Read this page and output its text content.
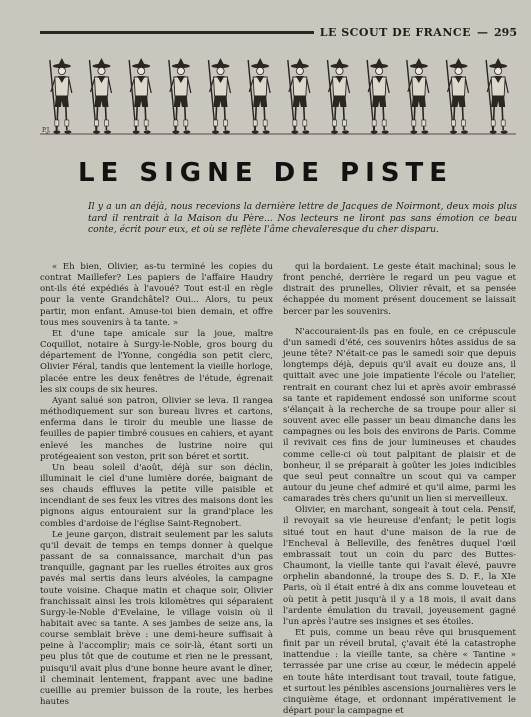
LE SCOUT DE FRANCE — 295
P.J.
LE SIGNE DE PISTE
Il y a un an déjà, nous recevions la dernière lettre de Jacques de Noirmont, deux mois plus tard il rentrait à la Maison du Père... Nos lecteurs ne liront pas sans émotion ce beau conte, écrit pour eux, et où se reflète l'âme chevaleresque du cher disparu.

« Eh bien, Olivier, as-tu terminé les copies du contrat Maillefer? Les papiers de l'affaire Haudry ont-ils été expédiés à l'avoué? Tout est-il en règle pour la vente Grandchâtel? Oui... Alors, tu peux partir, mon enfant. Amuse-toi bien demain, et offre tous mes souvenirs à ta tante. »

Et d'une tape amicale sur la joue, maître Coquillot, notaire à Surgy-le-Noble, gros bourg du département de l'Yonne, congédia son petit clerc, Olivier Féral, tandis que lentement la vieille horloge, placée entre les deux fenêtres de l'étude, égrenait les six coups de six heures.

Ayant salué son patron, Olivier se leva. Il rangea méthodiquement sur son bureau livres et cartons, enferma dans le tiroir du meuble une liasse de feuilles de papier timbré cousues en cahiers, et ayant enlevé les manches de lustrine noire qui protégeaient son veston, prit son béret et sortit.

Un beau soleil d'août, déjà sur son déclin, illuminait le ciel d'une lumière dorée, baignant de ses chauds effluves la petite ville paisible et incendiant de ses feux les vitres des maisons dont les pignons aigus entouraient sur la grand'place les combles d'ardoise de l'église Saint-Regnobert.

Le jeune garçon, distrait seulement par les saluts qu'il devait de temps en temps donner à quelque passant de sa connaissance, marchait d'un pas tranquille, gagnant par les ruelles étroites aux gros pavés mal sertis dans leurs alvéoles, la campagne toute voisine. Chaque matin et chaque soir, Olivier franchissait ainsi les trois kilomètres qui séparaient Surgy-le-Noble d'Evelaine, le village voisin où il habitait avec sa tante. A ses jambes de seize ans, la course semblait brève : une demi-heure suffisait à peine à l'accomplir; mais ce soir-là, étant sorti un peu plus tôt que de coutume et rien ne le pressant, puisqu'il avait plus d'une bonne heure avant le dîner, il cheminait lentement, frappant avec une badine cueillie au premier buisson de la route, les herbes hautes

qui la bordaient. Le geste était machinal; sous le front penché, derrière le regard un peu vague et distrait des prunelles, Olivier rêvait, et sa pensée échappée du moment présent doucement se laissait bercer par les souvenirs.

N'accouraient-ils pas en foule, en ce crépuscule d'un samedi d'été, ces souvenirs hôtes assidus de sa jeune tête? N'était-ce pas le samedi soir que depuis longtemps déjà, depuis qu'il avait eu douze ans, il quittait avec une joie impatiente l'école ou l'atelier, rentrait en courant chez lui et après avoir embrassé sa tante et rapidement endossé son uniforme scout s'élançait à la recherche de sa troupe pour aller si souvent avec elle passer un beau dimanche dans les campagnes ou les bois des environs de Paris. Comme il revivait ces fins de jour lumineuses et chaudes comme celle-ci où tout palpitant de plaisir et de bonheur, il se préparait à goûter les joies indicibles que seul peut connaître un scout qui va camper autour du jeune chef admiré et qu'il aime, parmi les camarades très chers qu'unit un lien si merveilleux.

Olivier, en marchant, songeait à tout cela. Pensif, il revoyait sa vie heureuse d'enfant; le petit logis situé tout en haut d'une maison de la rue de l'Encheval à Belleville, des fenêtres duquel l'œil embrassait tout un coin du parc des Buttes-Chaumont, la vieille tante qui l'avait élevé, pauvre orphelin abandonné, la troupe des S. D. F., la XIe Paris, où il était entré à dix ans comme louveteau et où petit à petit jusqu'à il y a 18 mois, il avait dans l'ardente émulation du travail, joyeusement gagné l'un après l'autre ses insignes et ses étoiles.

Et puis, comme un beau rêve qui brusquement finit par un réveil brutal, ç'avait été la catastrophe inattendue : la vieille tante, sa chère « Tantine » terrassée par une crise au cœur, le médecin appelé en toute hâte interdisant tout travail, toute fatigue, et surtout les pénibles ascensions journalières vers le cinquième étage, et ordonnant impérativement le départ pour la campagne et
